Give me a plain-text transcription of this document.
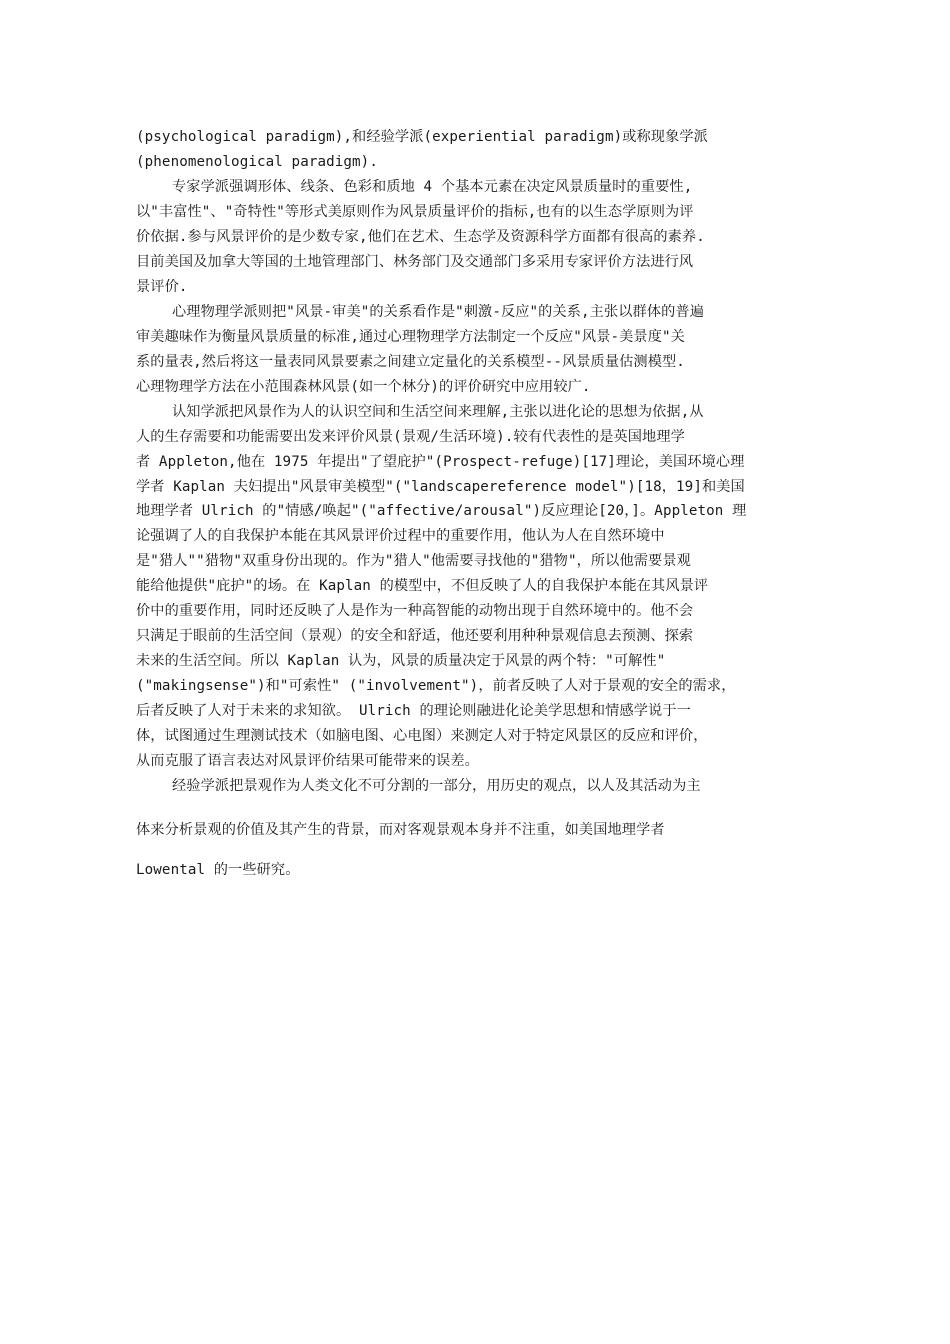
(psychological paradigm),和经验学派(experiential paradigm)或称现象学派
(phenomenological paradigm).
专家学派强调形体、线条、色彩和质地 4 个基本元素在决定风景质量时的重要性,
以"丰富性"、"奇特性"等形式美原则作为风景质量评价的指标,也有的以生态学原则为评
价依据.参与风景评价的是少数专家,他们在艺术、生态学及资源科学方面都有很高的素养.
目前美国及加拿大等国的土地管理部门、林务部门及交通部门多采用专家评价方法进行风
景评价.
心理物理学派则把"风景-审美"的关系看作是"刺激-反应"的关系,主张以群体的普遍
审美趣味作为衡量风景质量的标准,通过心理物理学方法制定一个反应"风景-美景度"关
系的量表,然后将这一量表同风景要素之间建立定量化的关系模型--风景质量估测模型.
心理物理学方法在小范围森林风景(如一个林分)的评价研究中应用较广.
认知学派把风景作为人的认识空间和生活空间来理解,主张以进化论的思想为依据,从
人的生存需要和功能需要出发来评价风景(景观/生活环境).较有代表性的是英国地理学
者 Appleton,他在 1975 年提出"了望庇护"(Prospect-refuge)[17]理论，美国环境心理
学者 Kaplan 夫妇提出"风景审美模型"("landscapereference model")[18，19]和美国
地理学者 Ulrich 的"情感/唤起"("affective/arousal")反应理论[20，]。Appleton 理
论强调了人的自我保护本能在其风景评价过程中的重要作用，他认为人在自然环境中
是"猎人""猎物"双重身份出现的。作为"猎人"他需要寻找他的"猎物"，所以他需要景观
能给他提供"庇护"的场。在 Kaplan 的模型中，不但反映了人的自我保护本能在其风景评
价中的重要作用，同时还反映了人是作为一种高智能的动物出现于自然环境中的。他不会
只满足于眼前的生活空间（景观）的安全和舒适，他还要利用种种景观信息去预测、探索
未来的生活空间。所以 Kaplan 认为，风景的质量决定于风景的两个特："可解性"
("makingsense")和"可索性" ("involvement")，前者反映了人对于景观的安全的需求，
后者反映了人对于未来的求知欲。 Ulrich 的理论则融进化论美学思想和情感学说于一
体，试图通过生理测试技术（如脑电图、心电图）来测定人对于特定风景区的反应和评价，
从而克服了语言表达对风景评价结果可能带来的误差。
经验学派把景观作为人类文化不可分割的一部分，用历史的观点，以人及其活动为主
体来分析景观的价值及其产生的背景，而对客观景观本身并不注重，如美国地理学者
Lowental 的一些研究。
